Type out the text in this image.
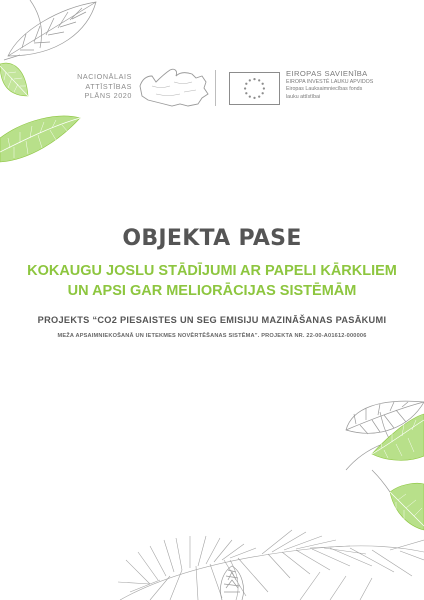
NACIONĀLAIS
ATTĪSTĪBAS
PLĀNS 2020
EIROPAS SAVIENĪBA
EIROPA INVESTĒ LAUKU APVIDOS
Eiropas Lauksaimniecības fonds
lauku attīstībai
OBJEKTA PASE
KOKAUGU JOSLU STĀDĪJUMI AR PAPELI KĀRKLIEM
UN APSI GAR MELIORĀCIJAS SISTĒMĀM
PROJEKTS “CO2 PIESAISTES UN SEG EMISIJU MAZINĀŠANAS PASĀKUMI
MEŽA APSAIMNIEKOŠANĀ UN IETEKMES NOVĒRTĒŠANAS SISTĒMA”. PROJEKTA NR. 22-00-A01612-000006
